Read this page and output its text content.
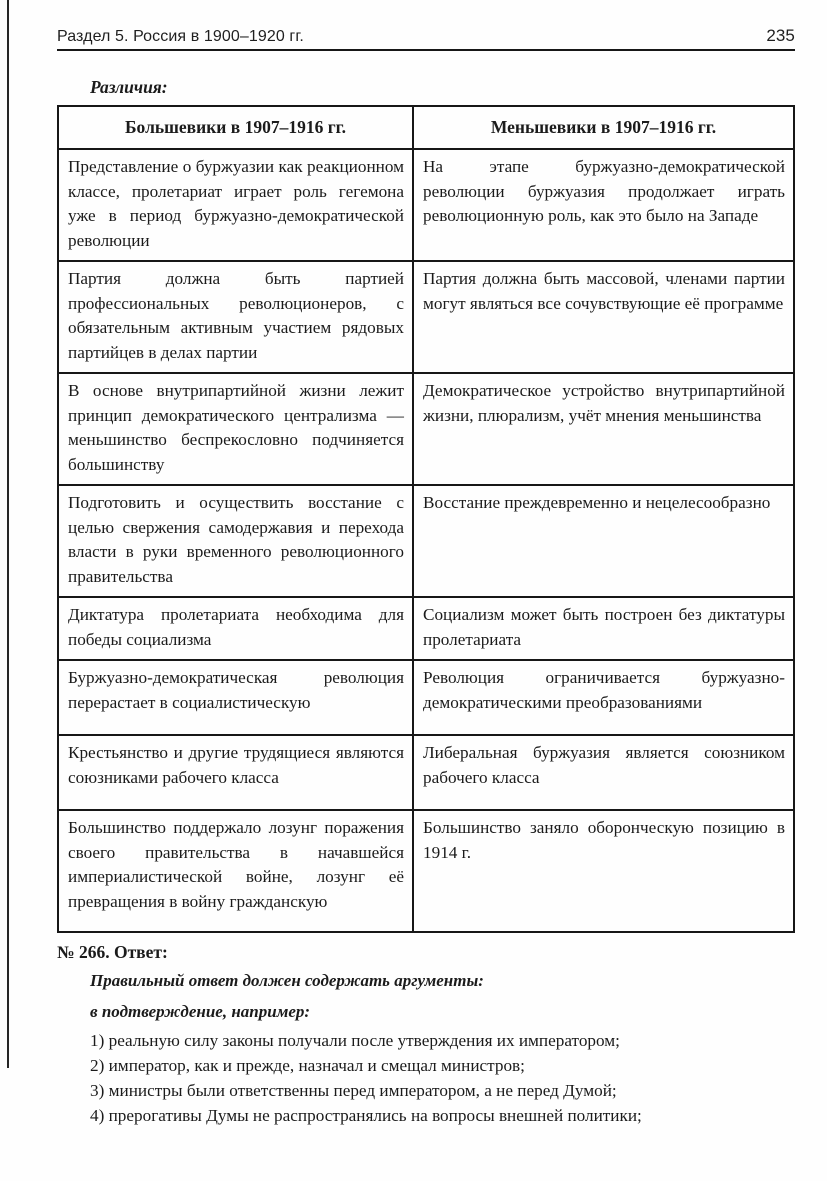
Раздел 5. Россия в 1900–1920 гг.	235

Различия:

Большевики в 1907–1916 гг.	Меньшевики в 1907–1916 гг.
Представление о буржуазии как реакционном классе, пролетариат играет роль гегемона уже в период буржуазно-демократической революции	На этапе буржуазно-демократической революции буржуазия продолжает играть революционную роль, как это было на Западе
Партия должна быть партией профессиональных революционеров, с обязательным активным участием рядовых партийцев в делах партии	Партия должна быть массовой, членами партии могут являться все сочувствующие её программе
В основе внутрипартийной жизни лежит принцип демократического централизма — меньшинство беспрекословно подчиняется большинству	Демократическое устройство внутрипартийной жизни, плюрализм, учёт мнения меньшинства
Подготовить и осуществить восстание с целью свержения самодержавия и перехода власти в руки временного революционного правительства	Восстание преждевременно и нецелесообразно
Диктатура пролетариата необходима для победы социализма	Социализм может быть построен без диктатуры пролетариата
Буржуазно-демократическая революция перерастает в социалистическую	Революция ограничивается буржуазно-демократическими преобразованиями
Крестьянство и другие трудящиеся являются союзниками рабочего класса	Либеральная буржуазия является союзником рабочего класса
Большинство поддержало лозунг поражения своего правительства в начавшейся империалистической войне, лозунг её превращения в войну гражданскую	Большинство заняло оборонческую позицию в 1914 г.
№ 266. Ответ:
Правильный ответ должен содержать аргументы:
в подтверждение, например:
1) реальную силу законы получали после утверждения их императором;
2) император, как и прежде, назначал и смещал министров;
3) министры были ответственны перед императором, а не перед Думой;
4) прерогативы Думы не распространялись на вопросы внешней политики;
